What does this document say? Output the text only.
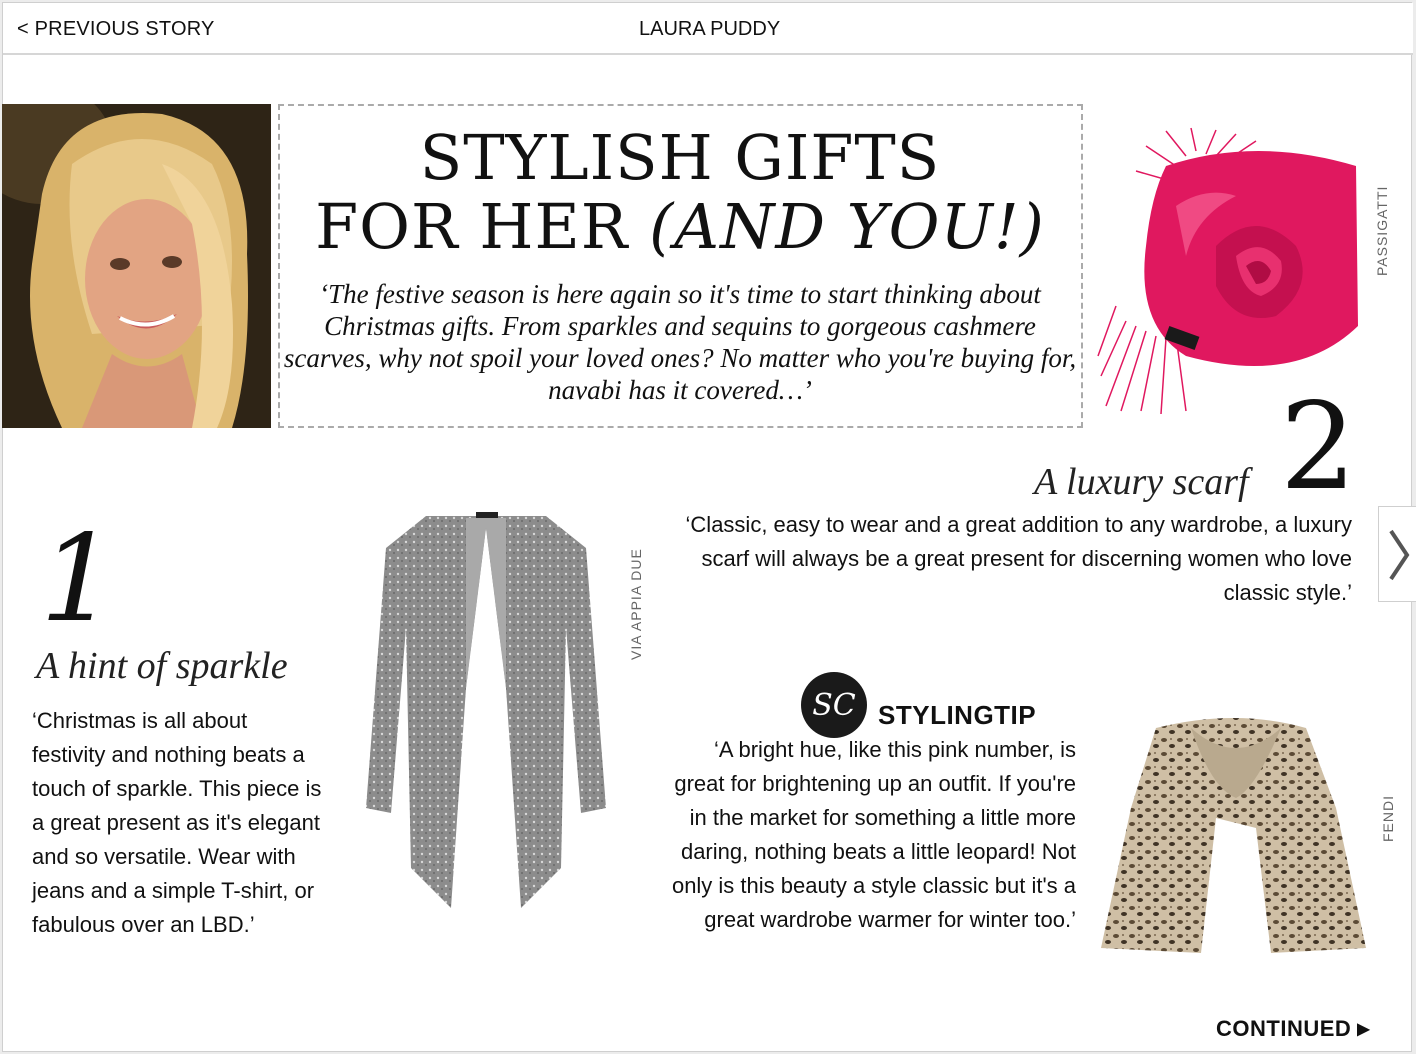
< PREVIOUS STORY	LAURA PUDDY
STYLISH GIFTS
FOR HER (AND YOU!)
‘The festive season is here again so it's time to start thinking about Christmas gifts. From sparkles and sequins to gorgeous cashmere scarves, why not spoil your loved ones? No matter who you're buying for, navabi has it covered…’
PASSIGATTI
2
A luxury scarf
‘Classic, easy to wear and a great addition to any wardrobe, a luxury scarf will always be a great present for discerning women who love classic style.’
1
A hint of sparkle
‘Christmas is all about festivity and nothing beats a touch of sparkle. This piece is a great present as it's elegant and so versatile. Wear with jeans and a simple T-shirt, or fabulous over an LBD.’
VIA APPIA DUE
SC STYLINGTIP
‘A bright hue, like this pink number, is great for brightening up an outfit. If you're in the market for something a little more daring, nothing beats a little leopard! Not only is this beauty a style classic but it's a great wardrobe warmer for winter too.’
FENDI
CONTINUED ▶
